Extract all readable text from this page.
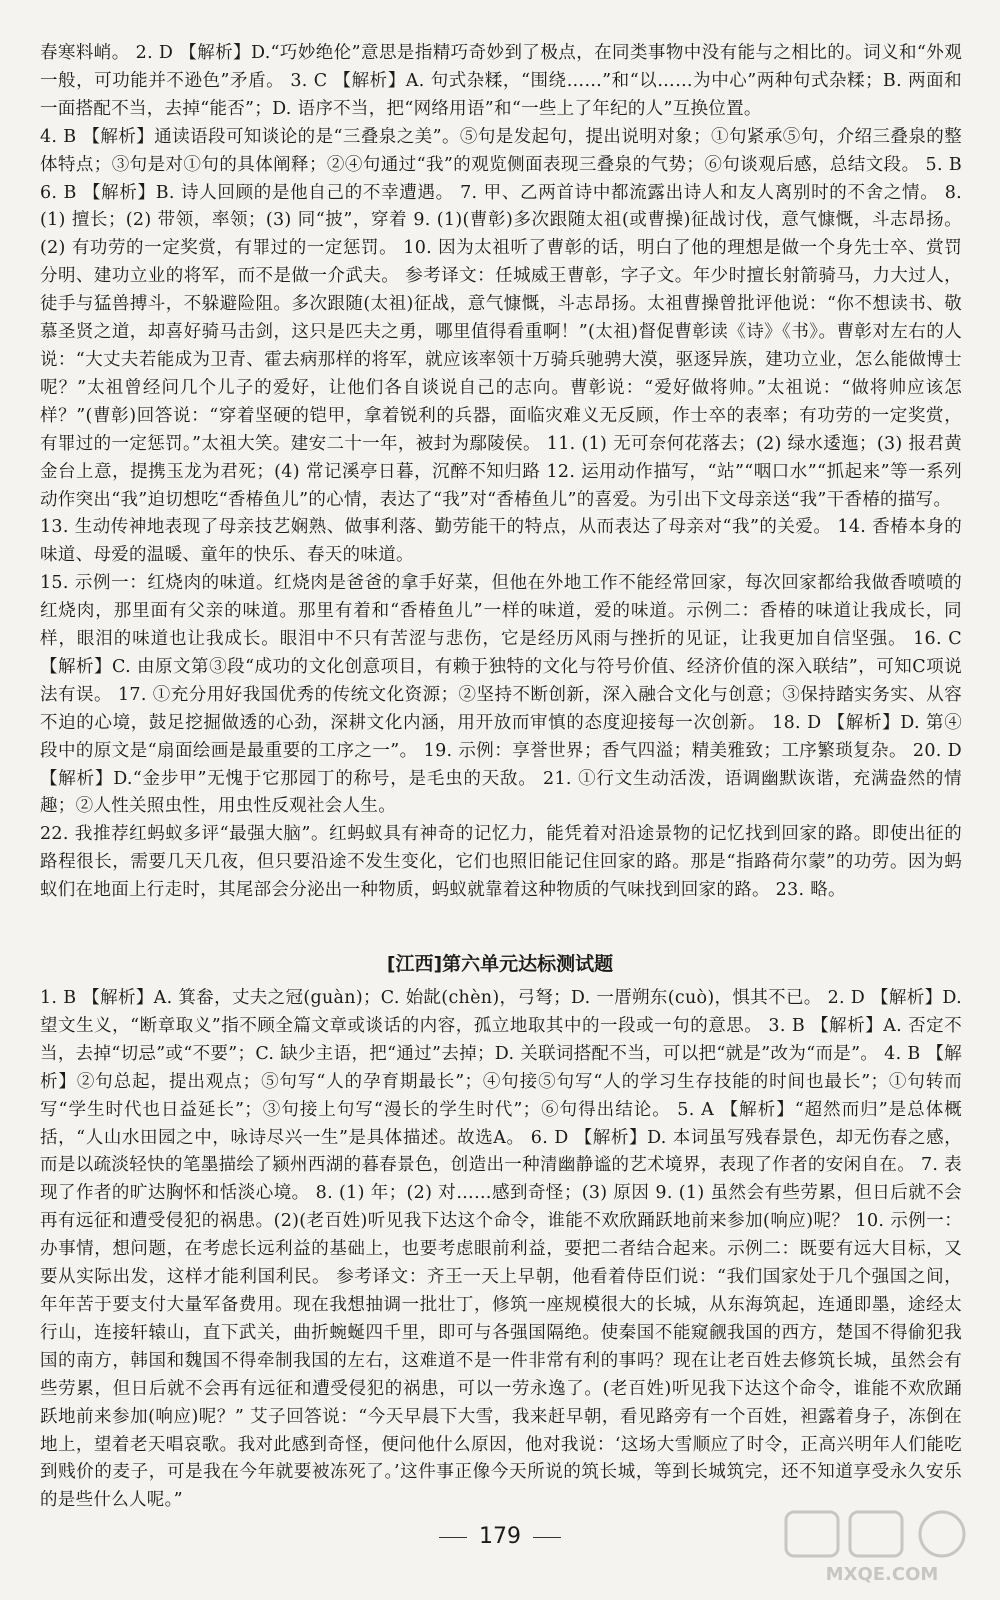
春寒料峭。 2. D 【解析】D.“巧妙绝伦”意思是指精巧奇妙到了极点，在同类事物中没有能与之相比的。词义和“外观一般，可功能并不逊色”矛盾。 3. C 【解析】A. 句式杂糅，“围绕……”和“以……为中心”两种句式杂糅；B. 两面和一面搭配不当，去掉“能否”；D. 语序不当，把“网络用语”和“一些上了年纪的人”互换位置。
4. B 【解析】通读语段可知谈论的是“三叠泉之美”。⑤句是发起句，提出说明对象；①句紧承⑤句，介绍三叠泉的整体特点；③句是对①句的具体阐释；②④句通过“我”的观览侧面表现三叠泉的气势；⑥句谈观后感，总结文段。 5. B 6. B 【解析】B. 诗人回顾的是他自己的不幸遭遇。 7. 甲、乙两首诗中都流露出诗人和友人离别时的不舍之情。 8. (1) 擅长；(2) 带领，率领；(3) 同“披”，穿着 9. (1)(曹彰)多次跟随太祖(或曹操)征战讨伐，意气慷慨，斗志昂扬。(2) 有功劳的一定奖赏，有罪过的一定惩罚。 10. 因为太祖听了曹彰的话，明白了他的理想是做一个身先士卒、赏罚分明、建功立业的将军，而不是做一介武夫。 参考译文：任城威王曹彰，字子文。年少时擅长射箭骑马，力大过人，徒手与猛兽搏斗，不躲避险阻。多次跟随(太祖)征战，意气慷慨，斗志昂扬。太祖曹操曾批评他说：“你不想读书、敬慕圣贤之道，却喜好骑马击剑，这只是匹夫之勇，哪里值得看重啊！”(太祖)督促曹彰读《诗》《书》。曹彰对左右的人说：“大丈夫若能成为卫青、霍去病那样的将军，就应该率领十万骑兵驰骋大漠，驱逐异族，建功立业，怎么能做博士呢？”太祖曾经问几个儿子的爱好，让他们各自谈说自己的志向。曹彰说：“爱好做将帅。”太祖说：“做将帅应该怎样？”(曹彰)回答说：“穿着坚硬的铠甲，拿着锐利的兵器，面临灾难义无反顾，作士卒的表率；有功劳的一定奖赏，有罪过的一定惩罚。”太祖大笑。建安二十一年，被封为鄢陵侯。 11. (1) 无可奈何花落去；(2) 绿水逶迤；(3) 报君黄金台上意，提携玉龙为君死；(4) 常记溪亭日暮，沉醉不知归路 12. 运用动作描写，“站”“咽口水”“抓起来”等一系列动作突出“我”迫切想吃“香椿鱼儿”的心情，表达了“我”对“香椿鱼儿”的喜爱。为引出下文母亲送“我”干香椿的描写。
13. 生动传神地表现了母亲技艺娴熟、做事利落、勤劳能干的特点，从而表达了母亲对“我”的关爱。 14. 香椿本身的味道、母爱的温暖、童年的快乐、春天的味道。
15. 示例一：红烧肉的味道。红烧肉是爸爸的拿手好菜，但他在外地工作不能经常回家，每次回家都给我做香喷喷的红烧肉，那里面有父亲的味道。那里有着和“香椿鱼儿”一样的味道，爱的味道。示例二：香椿的味道让我成长，同样，眼泪的味道也让我成长。眼泪中不只有苦涩与悲伤，它是经历风雨与挫折的见证，让我更加自信坚强。 16. C 【解析】C. 由原文第③段“成功的文化创意项目，有赖于独特的文化与符号价值、经济价值的深入联结”，可知C项说法有误。 17. ①充分用好我国优秀的传统文化资源；②坚持不断创新，深入融合文化与创意；③保持踏实务实、从容不迫的心境，鼓足挖掘做透的心劲，深耕文化内涵，用开放而审慎的态度迎接每一次创新。 18. D 【解析】D. 第④段中的原文是“扇面绘画是最重要的工序之一”。 19. 示例：享誉世界；香气四溢；精美雅致；工序繁琐复杂。 20. D 【解析】D.“金步甲”无愧于它那园丁的称号，是毛虫的天敌。 21. ①行文生动活泼，语调幽默诙谐，充满盎然的情趣；②人性关照虫性，用虫性反观社会人生。
22. 我推荐红蚂蚁多评“最强大脑”。红蚂蚁具有神奇的记忆力，能凭着对沿途景物的记忆找到回家的路。即使出征的路程很长，需要几天几夜，但只要沿途不发生变化，它们也照旧能记住回家的路。那是“指路荷尔蒙”的功劳。因为蚂蚁们在地面上行走时，其尾部会分泌出一种物质，蚂蚁就靠着这种物质的气味找到回家的路。 23. 略。
[江西]第六单元达标测试题
1. B 【解析】A. 箕畚，丈夫之冠(guàn)；C. 始龀(chèn)，弓弩；D. 一厝朔东(cuò)，惧其不已。 2. D 【解析】D. 望文生义，“断章取义”指不顾全篇文章或谈话的内容，孤立地取其中的一段或一句的意思。 3. B 【解析】A. 否定不当，去掉“切忌”或“不要”；C. 缺少主语，把“通过”去掉；D. 关联词搭配不当，可以把“就是”改为“而是”。 4. B 【解析】②句总起，提出观点；⑤句写“人的孕育期最长”；④句接⑤句写“人的学习生存技能的时间也最长”；①句转而写“学生时代也日益延长”；③句接上句写“漫长的学生时代”；⑥句得出结论。 5. A 【解析】“超然而归”是总体概括，“人山水田园之中，咏诗尽兴一生”是具体描述。故选A。 6. D 【解析】D. 本词虽写残春景色，却无伤春之感，而是以疏淡轻快的笔墨描绘了颍州西湖的暮春景色，创造出一种清幽静谧的艺术境界，表现了作者的安闲自在。 7. 表现了作者的旷达胸怀和恬淡心境。 8. (1) 年；(2) 对……感到奇怪；(3) 原因 9. (1) 虽然会有些劳累，但日后就不会再有远征和遭受侵犯的祸患。(2)(老百姓)听见我下达这个命令，谁能不欢欣踊跃地前来参加(响应)呢？ 10. 示例一：办事情，想问题，在考虑长远利益的基础上，也要考虑眼前利益，要把二者结合起来。示例二：既要有远大目标，又要从实际出发，这样才能利国利民。 参考译文：齐王一天上早朝，他看着侍臣们说：“我们国家处于几个强国之间，年年苦于要支付大量军备费用。现在我想抽调一批壮丁，修筑一座规模很大的长城，从东海筑起，连通即墨，途经太行山，连接轩辕山，直下武关，曲折蜿蜒四千里，即可与各强国隔绝。使秦国不能窥觎我国的西方，楚国不得偷犯我国的南方，韩国和魏国不得牵制我国的左右，这难道不是一件非常有利的事吗？现在让老百姓去修筑长城，虽然会有些劳累，但日后就不会再有远征和遭受侵犯的祸患，可以一劳永逸了。(老百姓)听见我下达这个命令，谁能不欢欣踊跃地前来参加(响应)呢？” 艾子回答说：“今天早晨下大雪，我来赶早朝，看见路旁有一个百姓，袒露着身子，冻倒在地上，望着老天唱哀歌。我对此感到奇怪，便问他什么原因，他对我说：‘这场大雪顺应了时令，正高兴明年人们能吃到贱价的麦子，可是我在今年就要被冻死了。’这件事正像今天所说的筑长城，等到长城筑完，还不知道享受永久安乐的是些什么人呢。”
179
MXQE.COM
